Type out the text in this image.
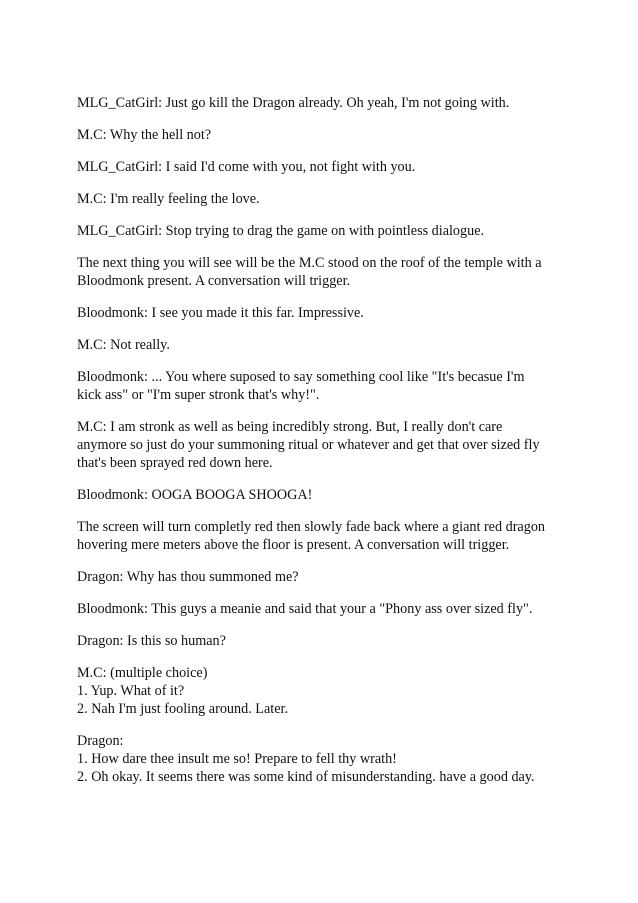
MLG_CatGirl: Just go kill the Dragon already. Oh yeah, I'm not going with.

M.C: Why the hell not?

MLG_CatGirl: I said I'd come with you, not fight with you.

M.C: I'm really feeling the love.

MLG_CatGirl: Stop trying to drag the game on with pointless dialogue.

The next thing you will see will be the M.C stood on the roof of the temple with a
Bloodmonk present. A conversation will trigger.

Bloodmonk: I see you made it this far. Impressive.

M.C: Not really.

Bloodmonk: ... You where suposed to say something cool like "It's becasue I'm
kick ass" or "I'm super stronk that's why!".

M.C: I am stronk as well as being incredibly strong. But, I really don't care
anymore so just do your summoning ritual or whatever and get that over sized fly
that's been sprayed red down here.

Bloodmonk: OOGA BOOGA SHOOGA!

The screen will turn completly red then slowly fade back where a giant red dragon
hovering mere meters above the floor is present. A conversation will trigger.

Dragon: Why has thou summoned me?

Bloodmonk: This guys a meanie and said that your a "Phony ass over sized fly".

Dragon: Is this so human?

M.C: (multiple choice)
1. Yup. What of it?
2. Nah I'm just fooling around. Later.

Dragon:
1. How dare thee insult me so! Prepare to fell thy wrath!
2. Oh okay. It seems there was some kind of misunderstanding. have a good day.
